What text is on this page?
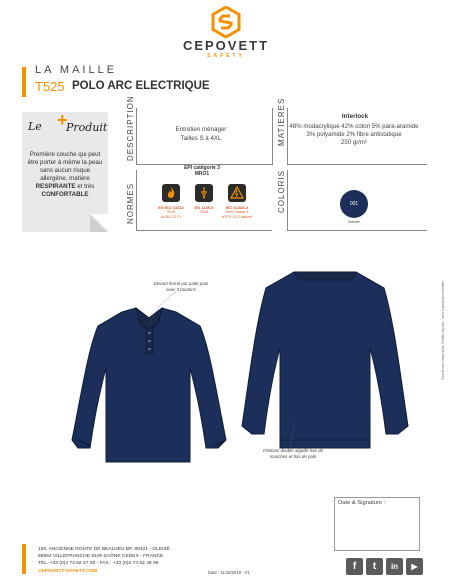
CEPOVETT
SAFETY
LA MAILLE
T525 POLO ARC ELECTRIQUE
Le +
Produit
Première couche qui peut être porter à même la peau sans aucun risque allergène, matière RESPIRANTE et très CONFORTABLE
DESCRIPTION	Entretien ménager
Tailles S à 4XL	MATIERES	Interlock
48% modacrylique 42% coton 5% para-aramide
3% polyamide 2% fibre antistatique
250 gr/m²
NORMES
EPI catégorie 3
MRO1
EN ISO 11612
2015
A1 B1 C1 F1
EN 1149-5
2008
IEC 61482-2
2009 Classe 1
ATPV: 10,2 cal/cm²
COLORIS	001
Marine
Devant fermé par patte polo avec 3 boutons
Finitions double aiguille bas de manches et bas de polo
Visuels non contractuels. Modèle déposé - toute reproduction interdite
Date & Signature :
150, ANCIENNE ROUTE DE BEAUJEU BP. 90421 - GLEIZÉ
69653 VILLEFRANCHE-SUR-SAÔNE CEDEX - FRANCE
TÉL. +33 (0)4 74 62 47 00 - FAX : +33 (0)4 74 62 49 99
CEPOVETT-SAFETY.COM	Date : 11/10/2018 - V1
f	t	in	▶
